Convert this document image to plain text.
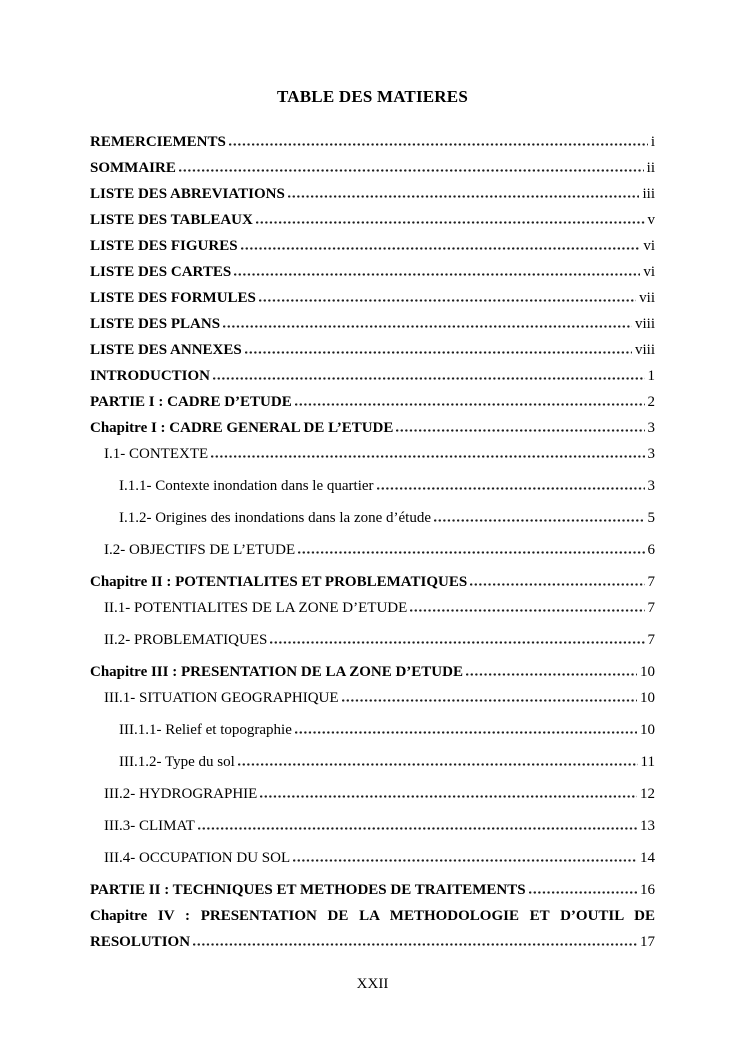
TABLE DES MATIERES
REMERCIEMENTS	i
SOMMAIRE	ii
LISTE DES ABREVIATIONS	iii
LISTE DES TABLEAUX	v
LISTE DES FIGURES	vi
LISTE DES CARTES	vi
LISTE DES FORMULES	vii
LISTE DES PLANS	viii
LISTE DES ANNEXES	viii
INTRODUCTION	1
PARTIE I : CADRE D’ETUDE	2
Chapitre I : CADRE GENERAL DE L’ETUDE	3
I.1- CONTEXTE	3
I.1.1- Contexte inondation dans le quartier	3
I.1.2- Origines des inondations dans la zone d’étude	5
I.2- OBJECTIFS DE L’ETUDE	6
Chapitre II : POTENTIALITES ET PROBLEMATIQUES	7
II.1- POTENTIALITES DE LA ZONE D’ETUDE	7
II.2- PROBLEMATIQUES	7
Chapitre III : PRESENTATION DE LA ZONE D’ETUDE	10
III.1- SITUATION GEOGRAPHIQUE	10
III.1.1- Relief et topographie	10
III.1.2- Type du sol	11
III.2- HYDROGRAPHIE	12
III.3- CLIMAT	13
III.4- OCCUPATION DU SOL	14
PARTIE II : TECHNIQUES ET METHODES DE TRAITEMENTS	16
Chapitre IV : PRESENTATION DE LA METHODOLOGIE ET D’OUTIL DE
RESOLUTION	17
XXII
